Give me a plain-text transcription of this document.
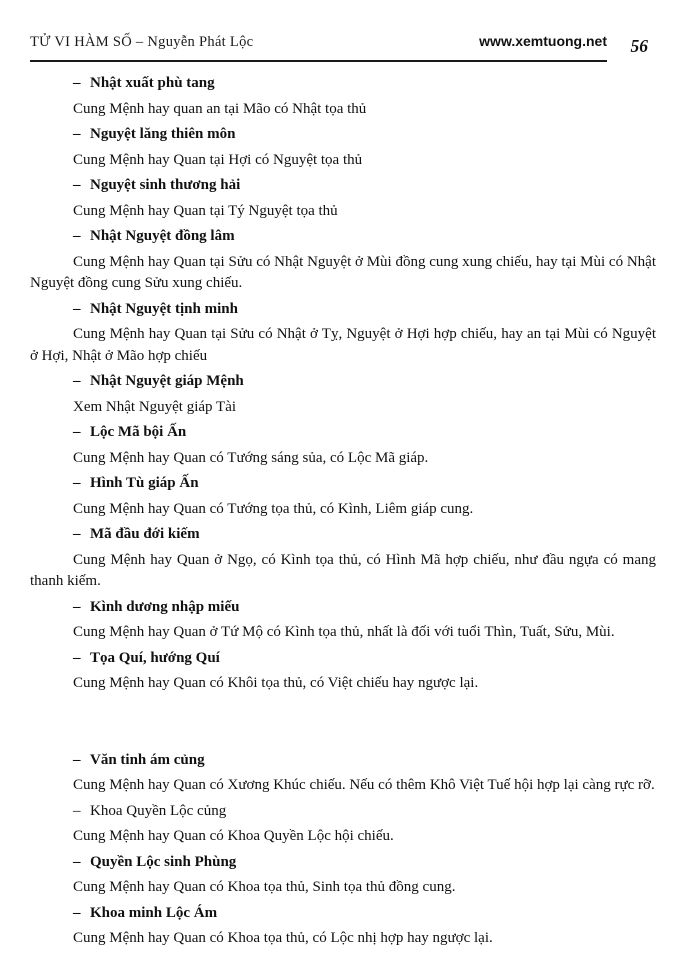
TỬ VI HÀM SỐ – Nguyễn Phát Lộc	www.xemtuong.net 56
– Nhật xuất phù tang

Cung Mệnh hay quan an tại Mão có Nhật tọa thủ

– Nguyệt lăng thiên môn

Cung Mệnh hay Quan tại Hợi có Nguyệt tọa thủ

– Nguyệt sinh thương hải

Cung Mệnh hay Quan tại Tý Nguyệt tọa thủ

– Nhật Nguyệt đồng lâm

Cung Mệnh hay Quan tại Sửu có Nhật Nguyệt ở Mùi đồng cung xung chiếu, hay tại Mùi có Nhật Nguyệt đồng cung Sửu xung chiếu.

– Nhật Nguyệt tịnh minh

Cung Mệnh hay Quan tại Sửu có Nhật ở Tỵ, Nguyệt ở Hợi hợp chiếu, hay an tại Mùi có Nguyệt ở Hợi, Nhật ở Mão hợp chiếu

– Nhật Nguyệt giáp Mệnh

Xem Nhật Nguyệt giáp Tài

– Lộc Mã bội Ấn

Cung Mệnh hay Quan có Tướng sáng sủa, có Lộc Mã giáp.

– Hình Tù giáp Ấn

Cung Mệnh hay Quan có Tướng tọa thủ, có Kình, Liêm giáp cung.

– Mã đầu đới kiếm

Cung Mệnh hay Quan ở Ngọ, có Kình tọa thủ, có Hình Mã hợp chiếu, như đầu ngựa có mang thanh kiếm.

– Kình dương nhập miếu

Cung Mệnh hay Quan ở Tứ Mộ có Kình tọa thủ, nhất là đối với tuổi Thìn, Tuất, Sửu, Mùi.

– Tọa Quí, hướng Quí

Cung Mệnh hay Quan có Khôi tọa thủ, có Việt chiếu hay ngược lại.

– Văn tinh ám củng

Cung Mệnh hay Quan có Xương Khúc chiếu. Nếu có thêm Khô Việt Tuế hội hợp lại càng rực rỡ.

– Khoa Quyền Lộc củng

Cung Mệnh hay Quan có Khoa Quyền Lộc hội chiếu.

– Quyền Lộc sinh Phùng

Cung Mệnh hay Quan có Khoa tọa thủ, Sinh tọa thủ đồng cung.

– Khoa minh Lộc Ám

Cung Mệnh hay Quan có Khoa tọa thủ, có Lộc nhị hợp hay ngược lại.
